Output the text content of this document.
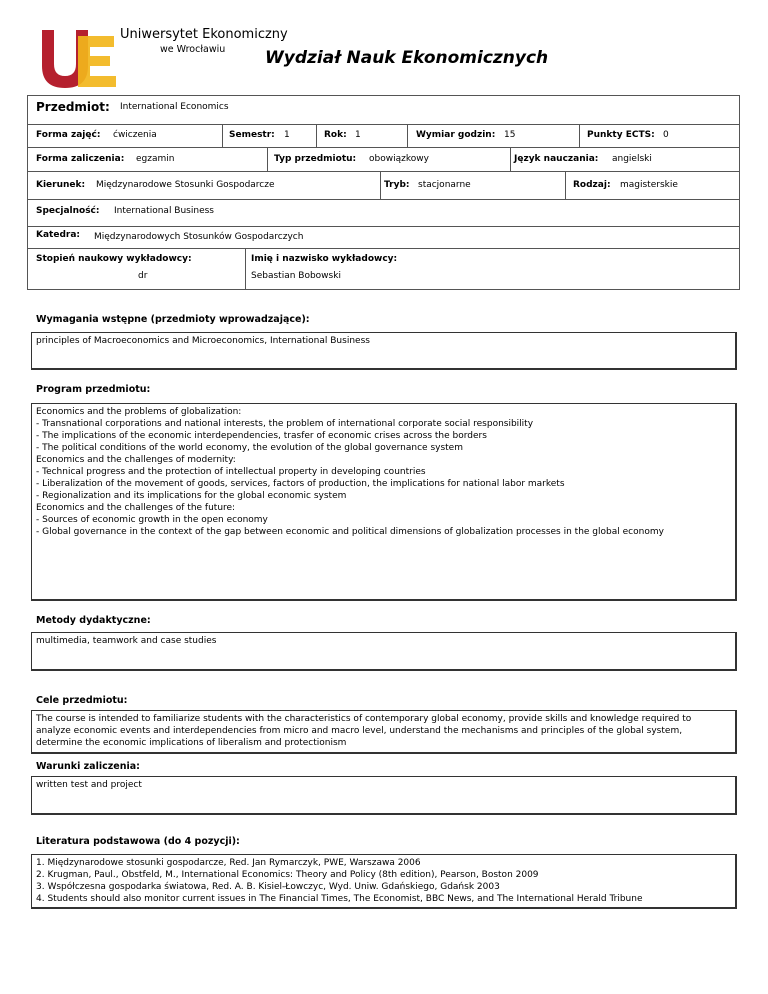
Uniwersytet Ekonomiczny
we Wrocławiu Wydział Nauk Ekonomicznych
Przedmiot: International Economics
Forma zajęć: ćwiczenia	Semestr: 1	Rok: 1	Wymiar godzin: 15	Punkty ECTS: 0
Forma zaliczenia: egzamin	Typ przedmiotu: obowiązkowy	Język nauczania: angielski
Kierunek: Międzynarodowe Stosunki Gospodarcze	Tryb: stacjonarne	Rodzaj: magisterskie
Specjalność: International Business
Katedra: Międzynarodowych Stosunków Gospodarczych
Stopień naukowy wykładowcy:
dr
Imię i nazwisko wykładowcy:
Sebastian Bobowski
Wymagania wstępne (przedmioty wprowadzające):
principles of Macroeconomics and Microeconomics, International Business
Program przedmiotu:
Economics and the problems of globalization:
- Transnational corporations and national interests, the problem of international corporate social responsibility
- The implications of the economic interdependencies, trasfer of economic crises across the borders
- The political conditions of the world economy, the evolution of the global governance system
Economics and the challenges of modernity:
- Technical progress and the protection of intellectual property in developing countries
- Liberalization of the movement of goods, services, factors of production, the implications for national labor markets
- Regionalization and its implications for the global economic system
Economics and the challenges of the future:
- Sources of economic growth in the open economy
- Global governance in the context of the gap between economic and political dimensions of globalization processes in the global economy
Metody dydaktyczne:
multimedia, teamwork and case studies
Cele przedmiotu:
The course is intended to familiarize students with the characteristics of contemporary global economy, provide skills and knowledge required to
analyze economic events and interdependencies from micro and macro level, understand the mechanisms and principles of the global system,
determine the economic implications of liberalism and protectionism
Warunki zaliczenia:
written test and project
Literatura podstawowa (do 4 pozycji):
1. Międzynarodowe stosunki gospodarcze, Red. Jan Rymarczyk, PWE, Warszawa 2006
2. Krugman, Paul., Obstfeld, M., International Economics: Theory and Policy (8th edition), Pearson, Boston 2009
3. Współczesna gospodarka światowa, Red. A. B. Kisiel-Łowczyc, Wyd. Uniw. Gdańskiego, Gdańsk 2003
4. Students should also monitor current issues in The Financial Times, The Economist, BBC News, and The International Herald Tribune
